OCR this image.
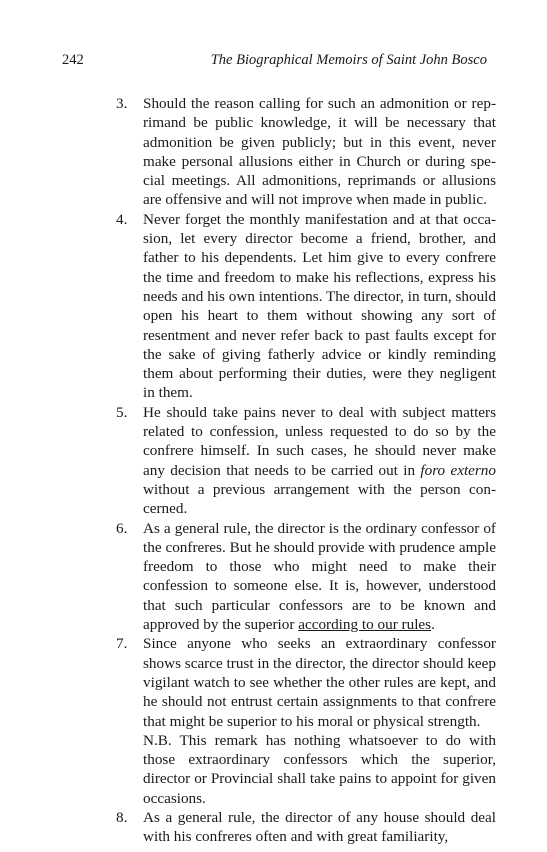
242	The Biographical Memoirs of Saint John Bosco
3. Should the reason calling for such an admonition or reprimand be public knowledge, it will be necessary that admonition be given publicly; but in this event, never make personal allusions either in Church or during special meetings. All admonitions, reprimands or allusions are offensive and will not improve when made in public.
4. Never forget the monthly manifestation and at that occasion, let every director become a friend, brother, and father to his dependents. Let him give to every confrere the time and freedom to make his reflections, express his needs and his own intentions. The director, in turn, should open his heart to them without showing any sort of resentment and never refer back to past faults except for the sake of giving fatherly advice or kindly reminding them about performing their duties, were they negligent in them.
5. He should take pains never to deal with subject matters related to confession, unless requested to do so by the confrere himself. In such cases, he should never make any decision that needs to be carried out in foro externo without a previous arrangement with the person concerned.
6. As a general rule, the director is the ordinary confessor of the confreres. But he should provide with prudence ample freedom to those who might need to make their confession to someone else. It is, however, understood that such particular confessors are to be known and approved by the superior according to our rules.
7. Since anyone who seeks an extraordinary confessor shows scarce trust in the director, the director should keep vigilant watch to see whether the other rules are kept, and he should not entrust certain assignments to that confrere that might be superior to his moral or physical strength.
N.B. This remark has nothing whatsoever to do with those extraordinary confessors which the superior, director or Provincial shall take pains to appoint for given occasions.
8. As a general rule, the director of any house should deal with his confreres often and with great familiarity,
